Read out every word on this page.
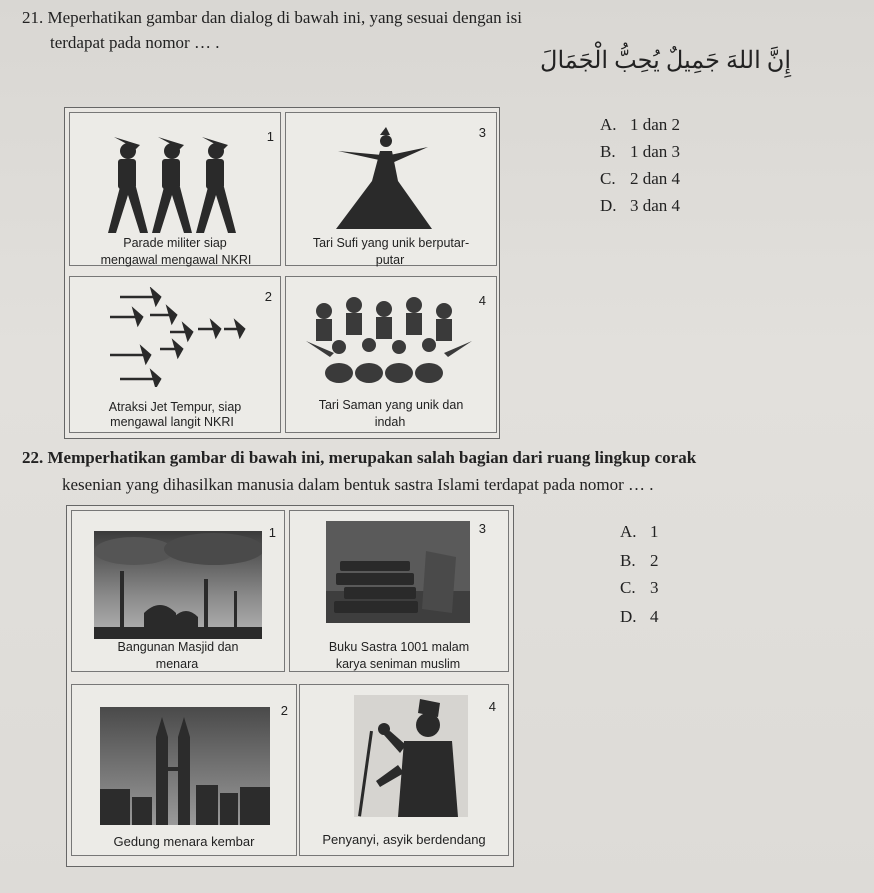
21. Meperhatikan gambar dan dialog di bawah ini, yang sesuai dengan isi
terdapat pada nomor … .
إِنَّ اللهَ جَمِيلٌ يُحِبُّ الْجَمَالَ
1
Parade militer siap
mengawal mengawal NKRI
3
Tari Sufi yang unik berputar-
putar
2
Atraksi Jet Tempur, siap
mengawal langit NKRI
4
Tari Saman yang unik dan
indah
A. 1 dan 2
B. 1 dan 3
C. 2 dan 4
D. 3 dan 4
22. Memperhatikan gambar di bawah ini, merupakan salah bagian dari ruang lingkup corak
kesenian yang dihasilkan manusia dalam bentuk sastra Islami terdapat pada nomor … .
1
Bangunan Masjid dan
menara
3
Buku Sastra 1001 malam
karya seniman muslim
2
Gedung menara kembar
4
Penyanyi, asyik berdendang
A. 1
B. 2
C. 3
D. 4
